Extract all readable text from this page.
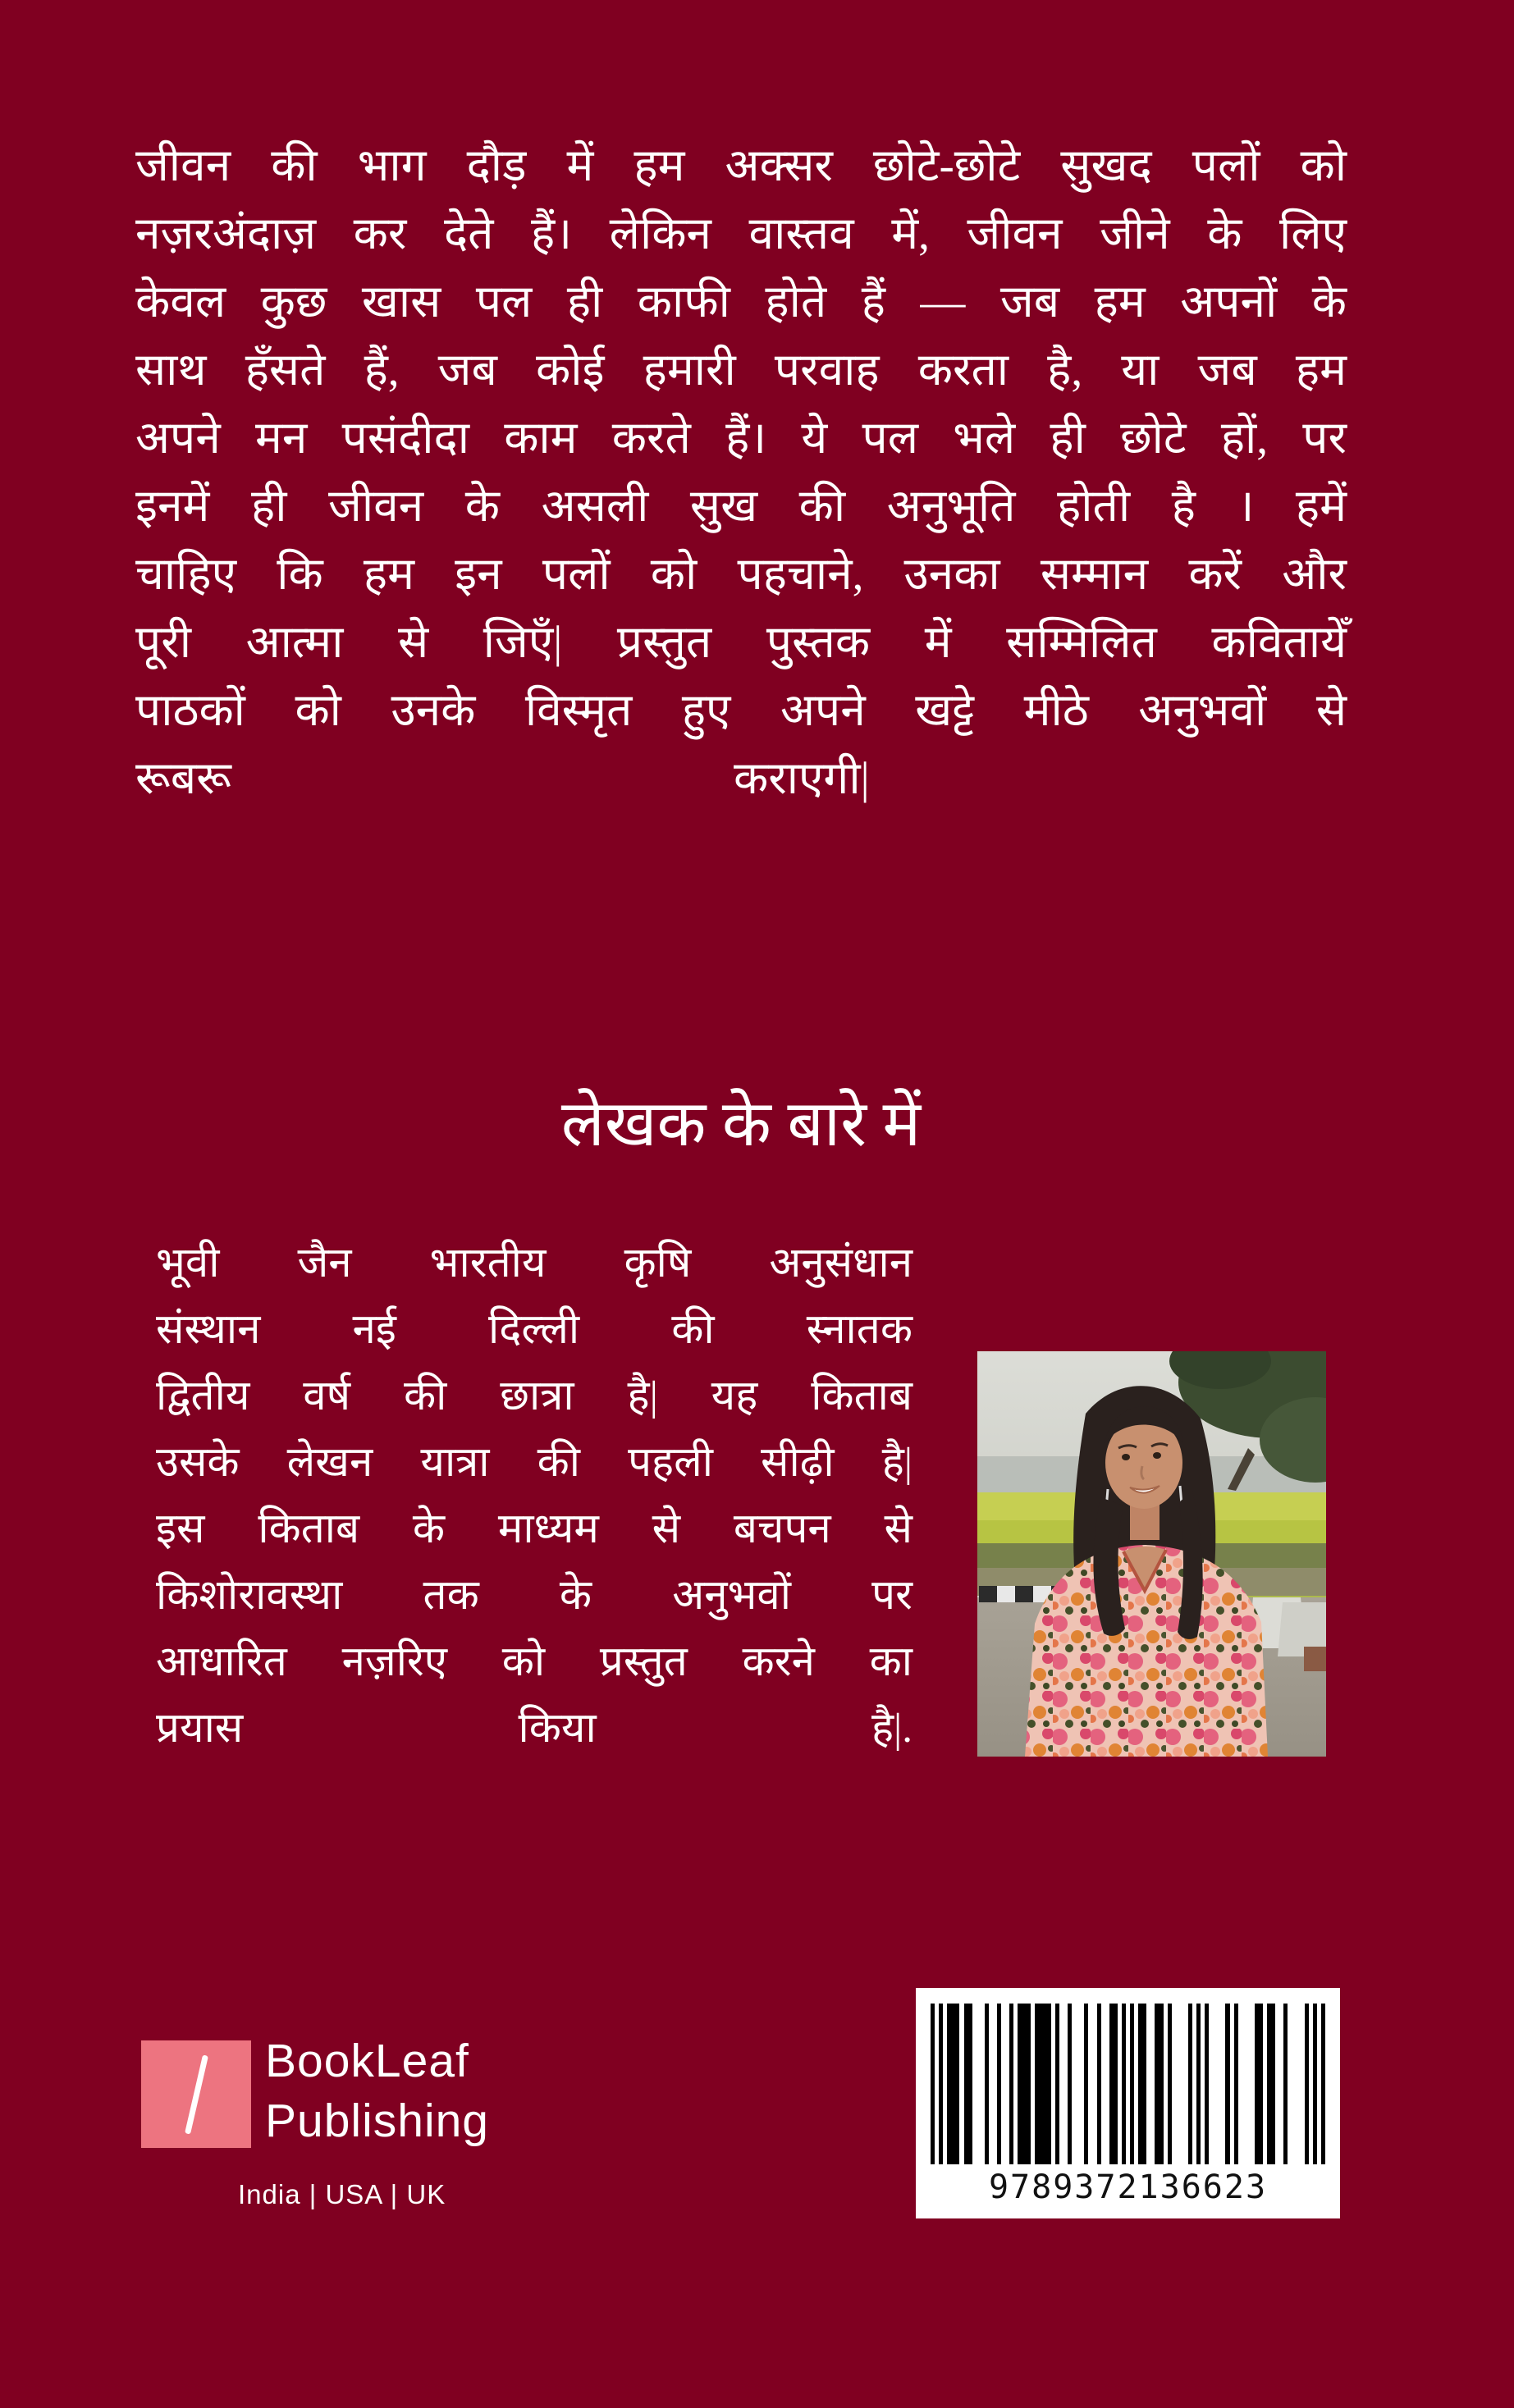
जीवन की भाग दौड़ में हम अक्सर छोटे-छोटे सुखद पलों को
नज़रअंदाज़ कर देते हैं। लेकिन वास्तव में, जीवन जीने के लिए
केवल कुछ खास पल ही काफी होते हैं — जब हम अपनों के
साथ हँसते हैं, जब कोई हमारी परवाह करता है, या जब हम
अपने मन पसंदीदा काम करते हैं। ये पल भले ही छोटे हों, पर
इनमें ही जीवन के असली सुख की अनुभूति होती है । हमें
चाहिए कि हम इन पलों को पहचाने, उनका सम्मान करें और
पूरी आत्मा से जिएँ| प्रस्तुत पुस्तक में सम्मिलित कवितायेँ
पाठकों को उनके विस्मृत हुए अपने खट्टे मीठे अनुभवों से
रूबरू	कराएगी|
लेखक के बारे में
भूवी जैन भारतीय कृषि अनुसंधान
संस्थान नई दिल्ली की स्नातक
द्वितीय वर्ष की छात्रा है| यह किताब
उसके लेखन यात्रा की पहली सीढ़ी है|
इस किताब के माध्यम से बचपन से
किशोरावस्था तक के अनुभवों पर
आधारित नज़रिए को प्रस्तुत करने का
प्रयास किया है|.
BookLeaf
Publishing
India | USA | UK	9789372136623
